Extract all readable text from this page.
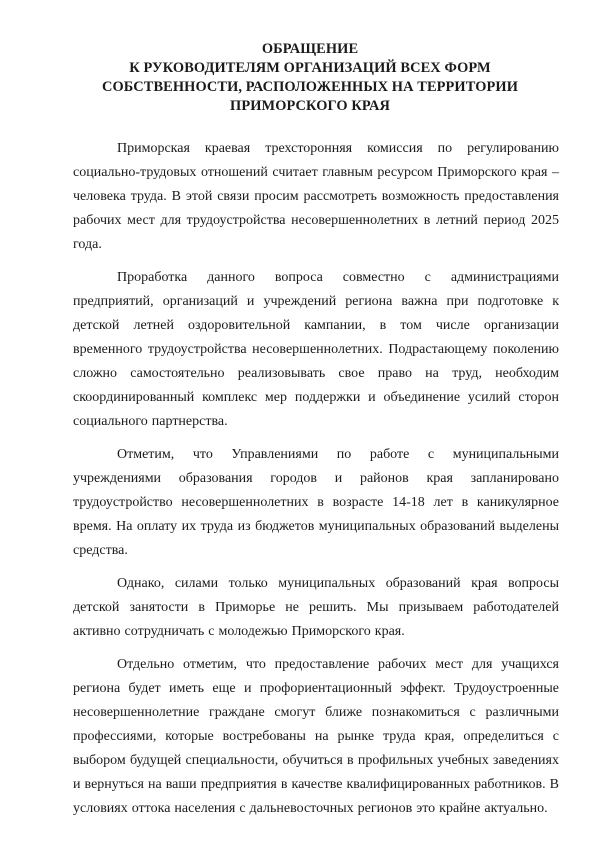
ОБРАЩЕНИЕ
К РУКОВОДИТЕЛЯМ ОРГАНИЗАЦИЙ ВСЕХ ФОРМ
СОБСТВЕННОСТИ, РАСПОЛОЖЕННЫХ НА ТЕРРИТОРИИ
ПРИМОРСКОГО КРАЯ

Приморская краевая трехсторонняя комиссия по регулированию социально-трудовых отношений считает главным ресурсом Приморского края – человека труда. В этой связи просим рассмотреть возможность предоставления рабочих мест для трудоустройства несовершеннолетних в летний период 2025 года.

Проработка данного вопроса совместно с администрациями предприятий, организаций и учреждений региона важна при подготовке к детской летней оздоровительной кампании, в том числе организации временного трудоустройства несовершеннолетних. Подрастающему поколению сложно самостоятельно реализовывать свое право на труд, необходим скоординированный комплекс мер поддержки и объединение усилий сторон социального партнерства.

Отметим, что Управлениями по работе с муниципальными учреждениями образования городов и районов края запланировано трудоустройство несовершеннолетних в возрасте 14-18 лет в каникулярное время. На оплату их труда из бюджетов муниципальных образований выделены средства.

Однако, силами только муниципальных образований края вопросы детской занятости в Приморье не решить. Мы призываем работодателей активно сотрудничать с молодежью Приморского края.

Отдельно отметим, что предоставление рабочих мест для учащихся региона будет иметь еще и профориентационный эффект. Трудоустроенные несовершеннолетние граждане смогут ближе познакомиться с различными профессиями, которые востребованы на рынке труда края, определиться с выбором будущей специальности, обучиться в профильных учебных заведениях и вернуться на ваши предприятия в качестве квалифицированных работников. В условиях оттока населения с дальневосточных регионов это крайне актуально.
